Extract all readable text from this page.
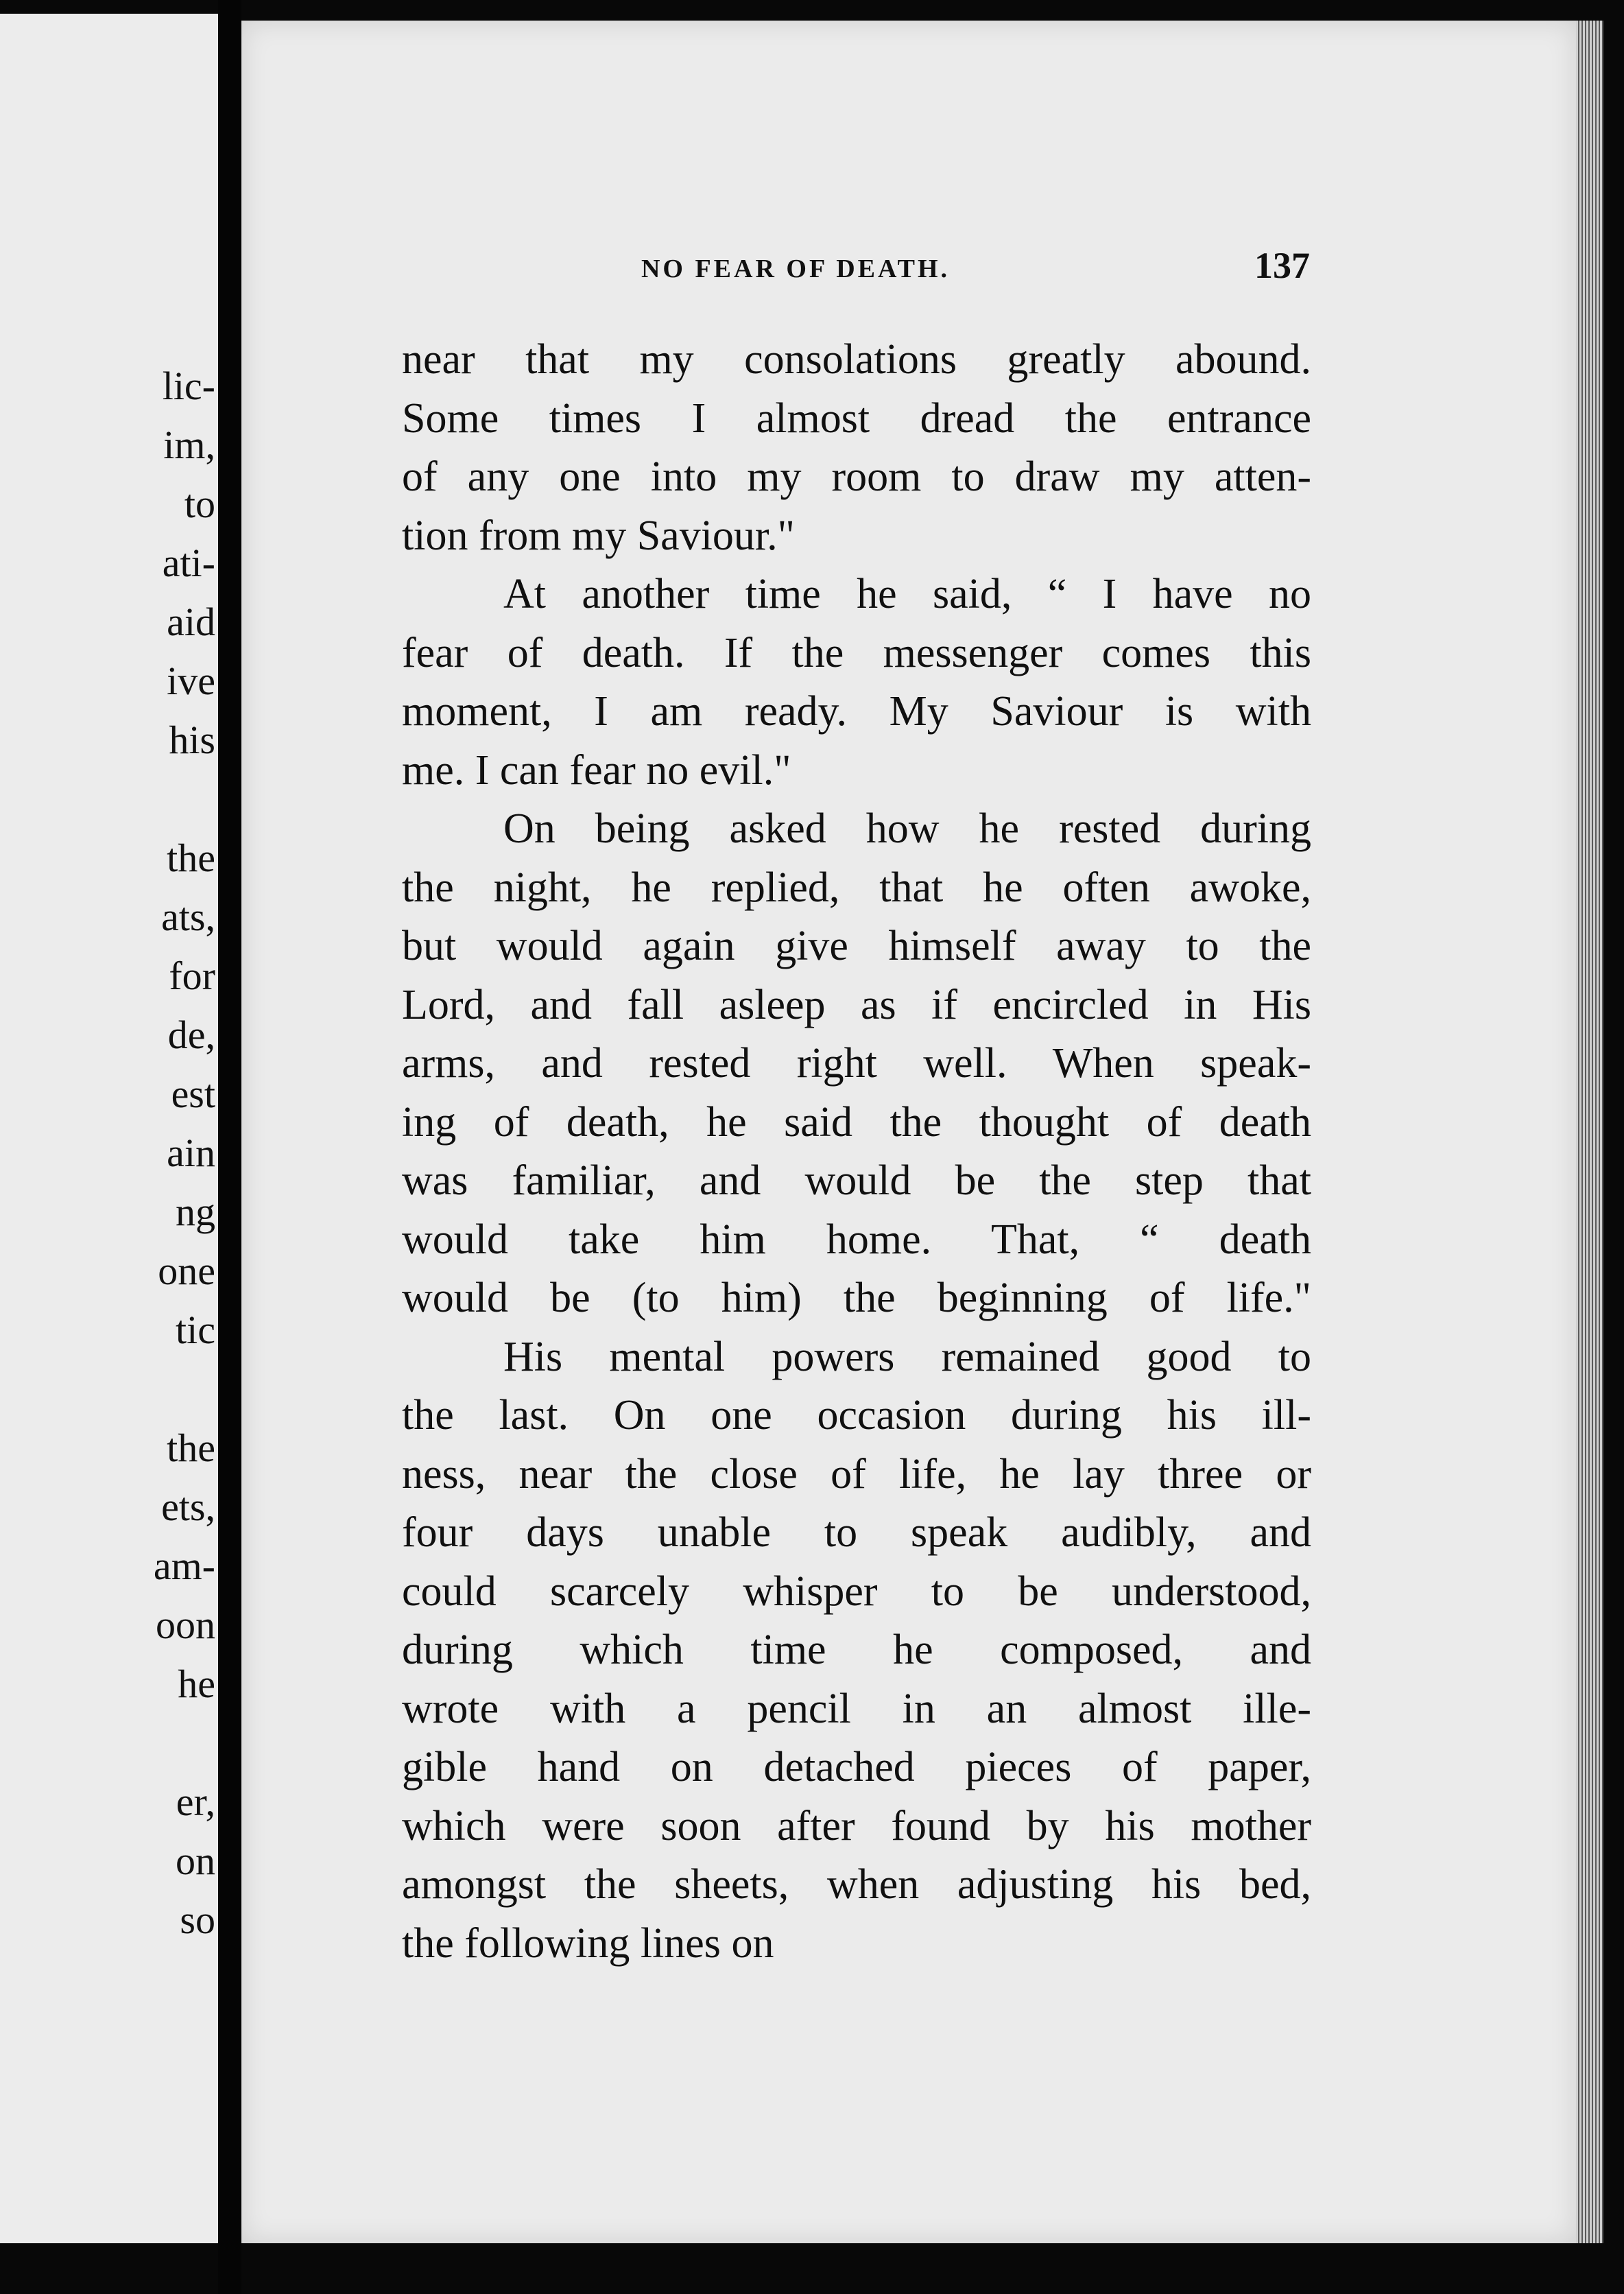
lic-
im,
to
ati-
aid
ive
his
the
ats,
for
de,
est
ain
ng
one
tic
the
ets,
am-
oon
he
er,
on
so
NO FEAR OF DEATH.	137
near that my consolations greatly abound.
Some times I almost dread the entrance
of any one into my room to draw my atten-
tion from my Saviour."
At another time he said, “ I have no
fear of death. If the messenger comes this
moment, I am ready. My Saviour is with
me. I can fear no evil."
On being asked how he rested during
the night, he replied, that he often awoke,
but would again give himself away to the
Lord, and fall asleep as if encircled in His
arms, and rested right well. When speak-
ing of death, he said the thought of death
was familiar, and would be the step that
would take him home. That, “ death
would be (to him) the beginning of life."
His mental powers remained good to
the last. On one occasion during his ill-
ness, near the close of life, he lay three or
four days unable to speak audibly, and
could scarcely whisper to be understood,
during which time he composed, and
wrote with a pencil in an almost ille-
gible hand on detached pieces of paper,
which were soon after found by his mother
amongst the sheets, when adjusting his bed,
the following lines on
